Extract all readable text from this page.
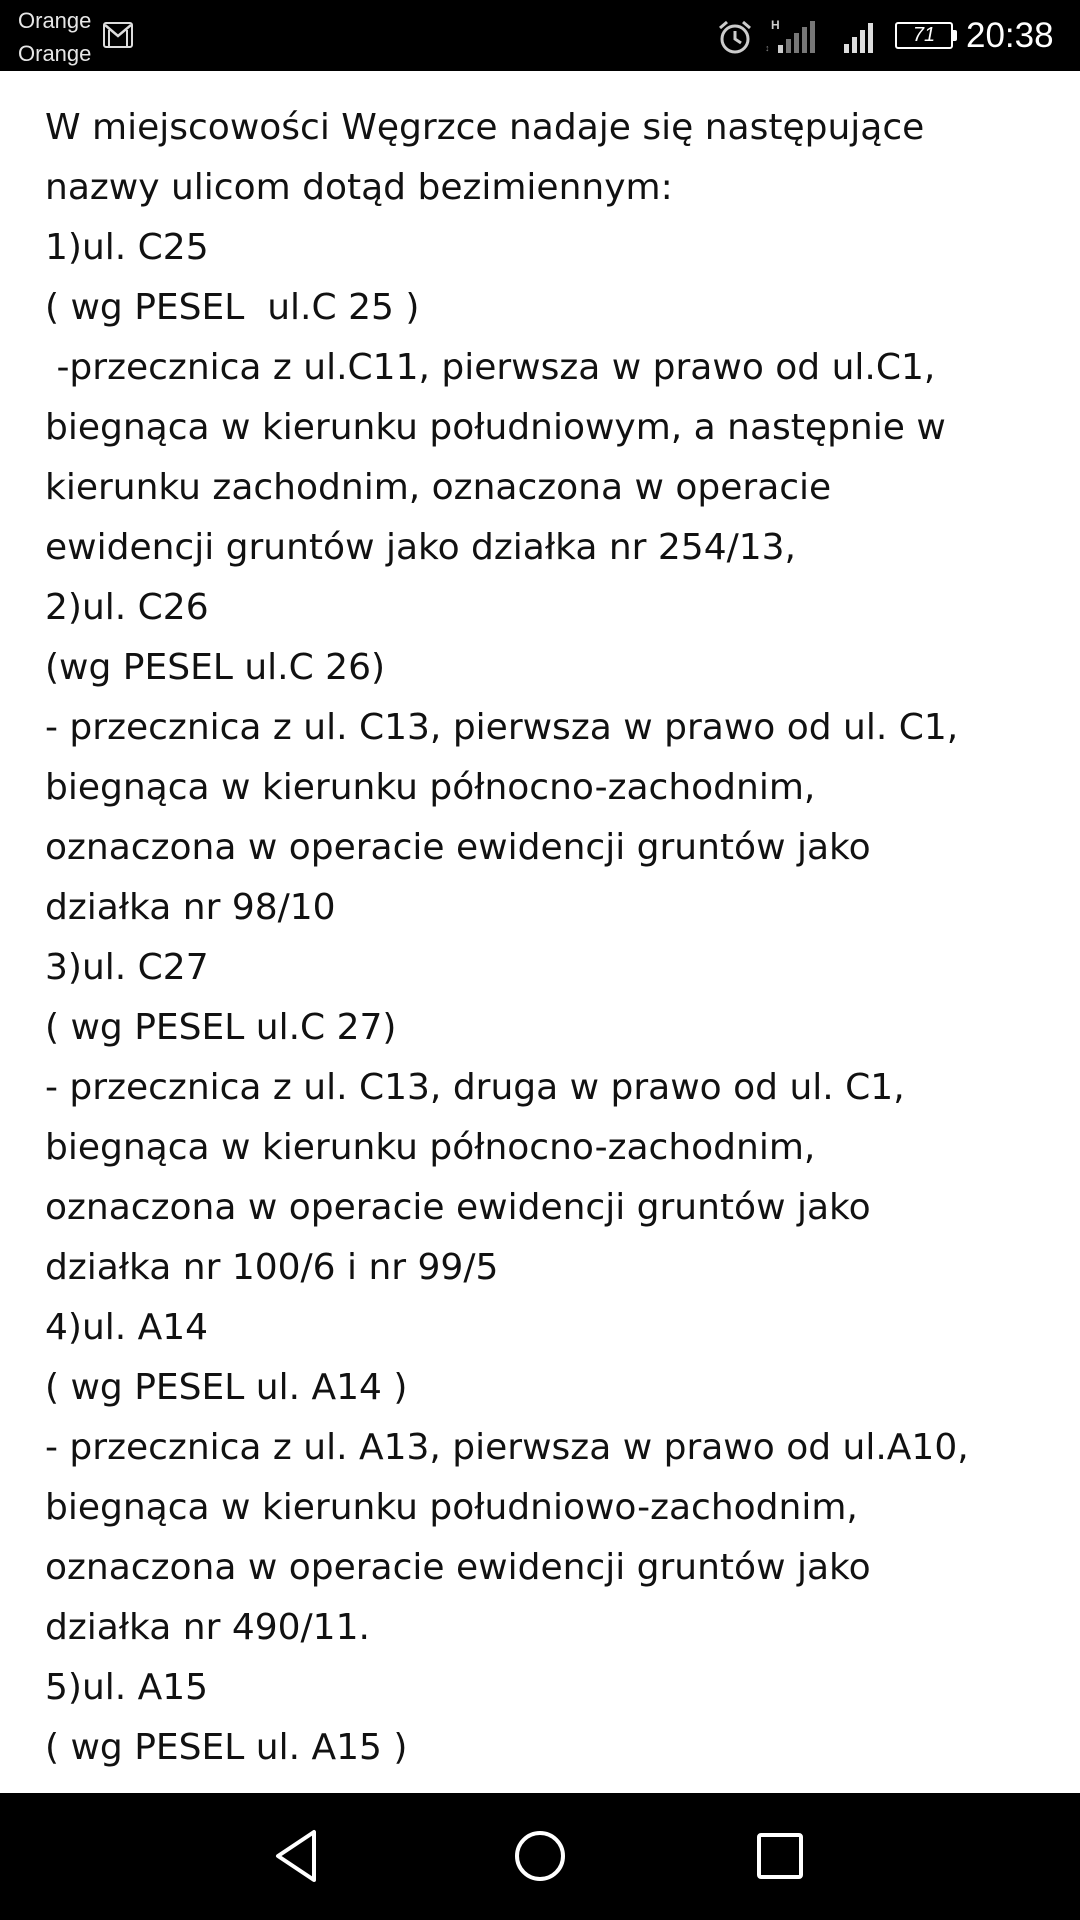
Orange
Orange
H
↕
71 20:38
W miejscowości Węgrzce nadaje się następujące
nazwy ulicom dotąd bezimiennym:
1)ul. C25
( wg PESEL  ul.C 25 )
-przecznica z ul.C11, pierwsza w prawo od ul.C1,
biegnąca w kierunku południowym, a następnie w
kierunku zachodnim, oznaczona w operacie
ewidencji gruntów jako działka nr 254/13,
2)ul. C26
(wg PESEL ul.C 26)
- przecznica z ul. C13, pierwsza w prawo od ul. C1,
biegnąca w kierunku północno-zachodnim,
oznaczona w operacie ewidencji gruntów jako
działka nr 98/10
3)ul. C27
( wg PESEL ul.C 27)
- przecznica z ul. C13, druga w prawo od ul. C1,
biegnąca w kierunku północno-zachodnim,
oznaczona w operacie ewidencji gruntów jako
działka nr 100/6 i nr 99/5
4)ul. A14
( wg PESEL ul. A14 )
- przecznica z ul. A13, pierwsza w prawo od ul.A10,
biegnąca w kierunku południowo-zachodnim,
oznaczona w operacie ewidencji gruntów jako
działka nr 490/11.
5)ul. A15
( wg PESEL ul. A15 )
